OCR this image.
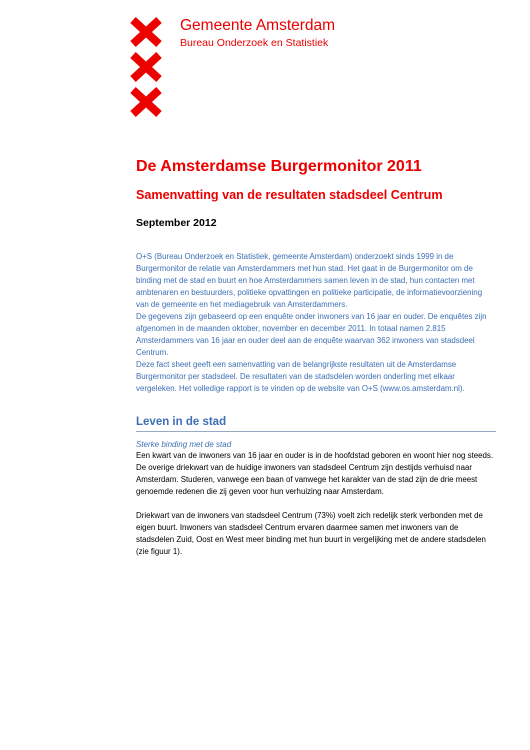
Gemeente Amsterdam
Bureau Onderzoek en Statistiek
De Amsterdamse Burgermonitor 2011
Samenvatting van de resultaten stadsdeel Centrum
September 2012

O+S (Bureau Onderzoek en Statistiek, gemeente Amsterdam) onderzoekt sinds 1999 in de Burgermonitor de relatie van Amsterdammers met hun stad. Het gaat in de Burgermonitor om de binding met de stad en buurt en hoe Amsterdammers samen leven in de stad, hun contacten met ambtenaren en bestuurders, politieke opvattingen en politieke participatie, de informatievoorziening van de gemeente en het mediagebruik van Amsterdammers.

De gegevens zijn gebaseerd op een enquête onder inwoners van 16 jaar en ouder. De enquêtes zijn afgenomen in de maanden oktober, november en december 2011. In totaal namen 2.815 Amsterdammers van 16 jaar en ouder deel aan de enquête waarvan 362 inwoners van stadsdeel Centrum.

Deze fact sheet geeft een samenvatting van de belangrijkste resultaten uit de Amsterdamse Burgermonitor per stadsdeel. De resultaten van de stadsdelen worden onderling met elkaar vergeleken. Het volledige rapport is te vinden op de website van O+S (www.os.amsterdam.nl).

Leven in de stad
Sterke binding met de stad

Een kwart van de inwoners van 16 jaar en ouder is in de hoofdstad geboren en woont hier nog steeds. De overige driekwart van de huidige inwoners van stadsdeel Centrum zijn destijds verhuisd naar Amsterdam. Studeren, vanwege een baan of vanwege het karakter van de stad zijn de drie meest genoemde redenen die zij geven voor hun verhuizing naar Amsterdam.

Driekwart van de inwoners van stadsdeel Centrum (73%) voelt zich redelijk sterk verbonden met de eigen buurt. Inwoners van stadsdeel Centrum ervaren daarmee samen met inwoners van de stadsdelen Zuid, Oost en West meer binding met hun buurt in vergelijking met de andere stadsdelen (zie figuur 1).
